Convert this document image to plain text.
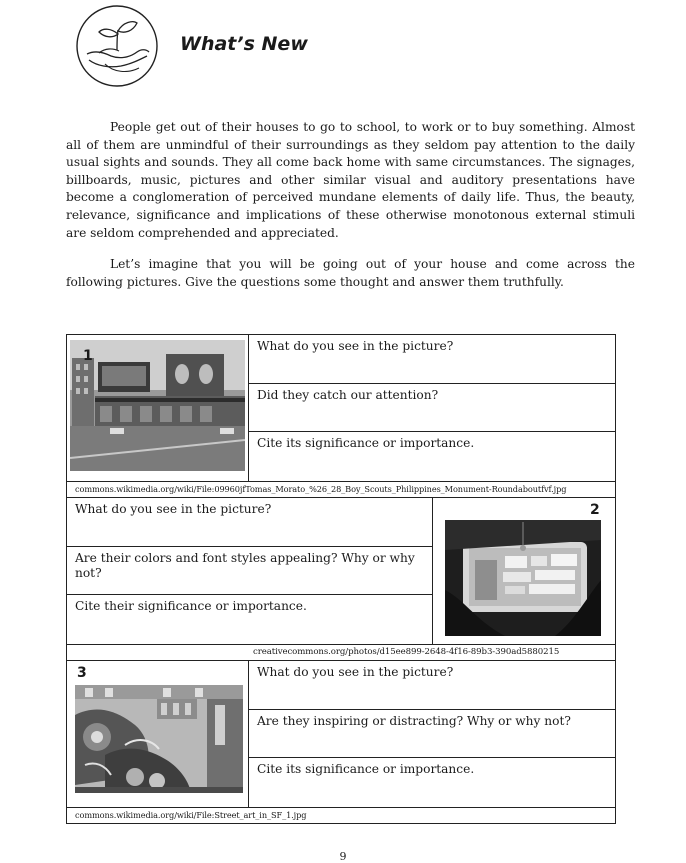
What’s New

People get out of their houses to go to school, to work or to buy something. Almost all of them are unmindful of their surroundings as they seldom pay attention to the daily usual sights and sounds. They all come back home with same circumstances. The signages, billboards, music, pictures and other similar visual and auditory presentations have become a conglomeration of perceived mundane elements of daily life. Thus, the beauty, relevance, significance and implications of these otherwise monotonous external stimuli are seldom comprehended and appreciated.

Let’s imagine that you will be going out of your house and come across the following pictures. Give the questions some thought and answer them truthfully.

1	What do you see in the picture?
Did they catch our attention?
Cite its significance or importance.	

commons.wikimedia.org/wiki/File:09960jfTomas_Morato_%26_28_Boy_Scouts_Philippines_Monument-Roundaboutfvf.jpg		

What do you see in the picture?
Are their colors and font styles appealing? Why or why not?
Cite their significance or importance.		2

creativecommons.org/photos/d15ee899-2648-4f16-89b3-390ad5880215		

3	What do you see in the picture?
Are they inspiring or distracting? Why or why not?
Cite its significance or importance.	

commons.wikimedia.org/wiki/File:Street_art_in_SF_1.jpg		
9
